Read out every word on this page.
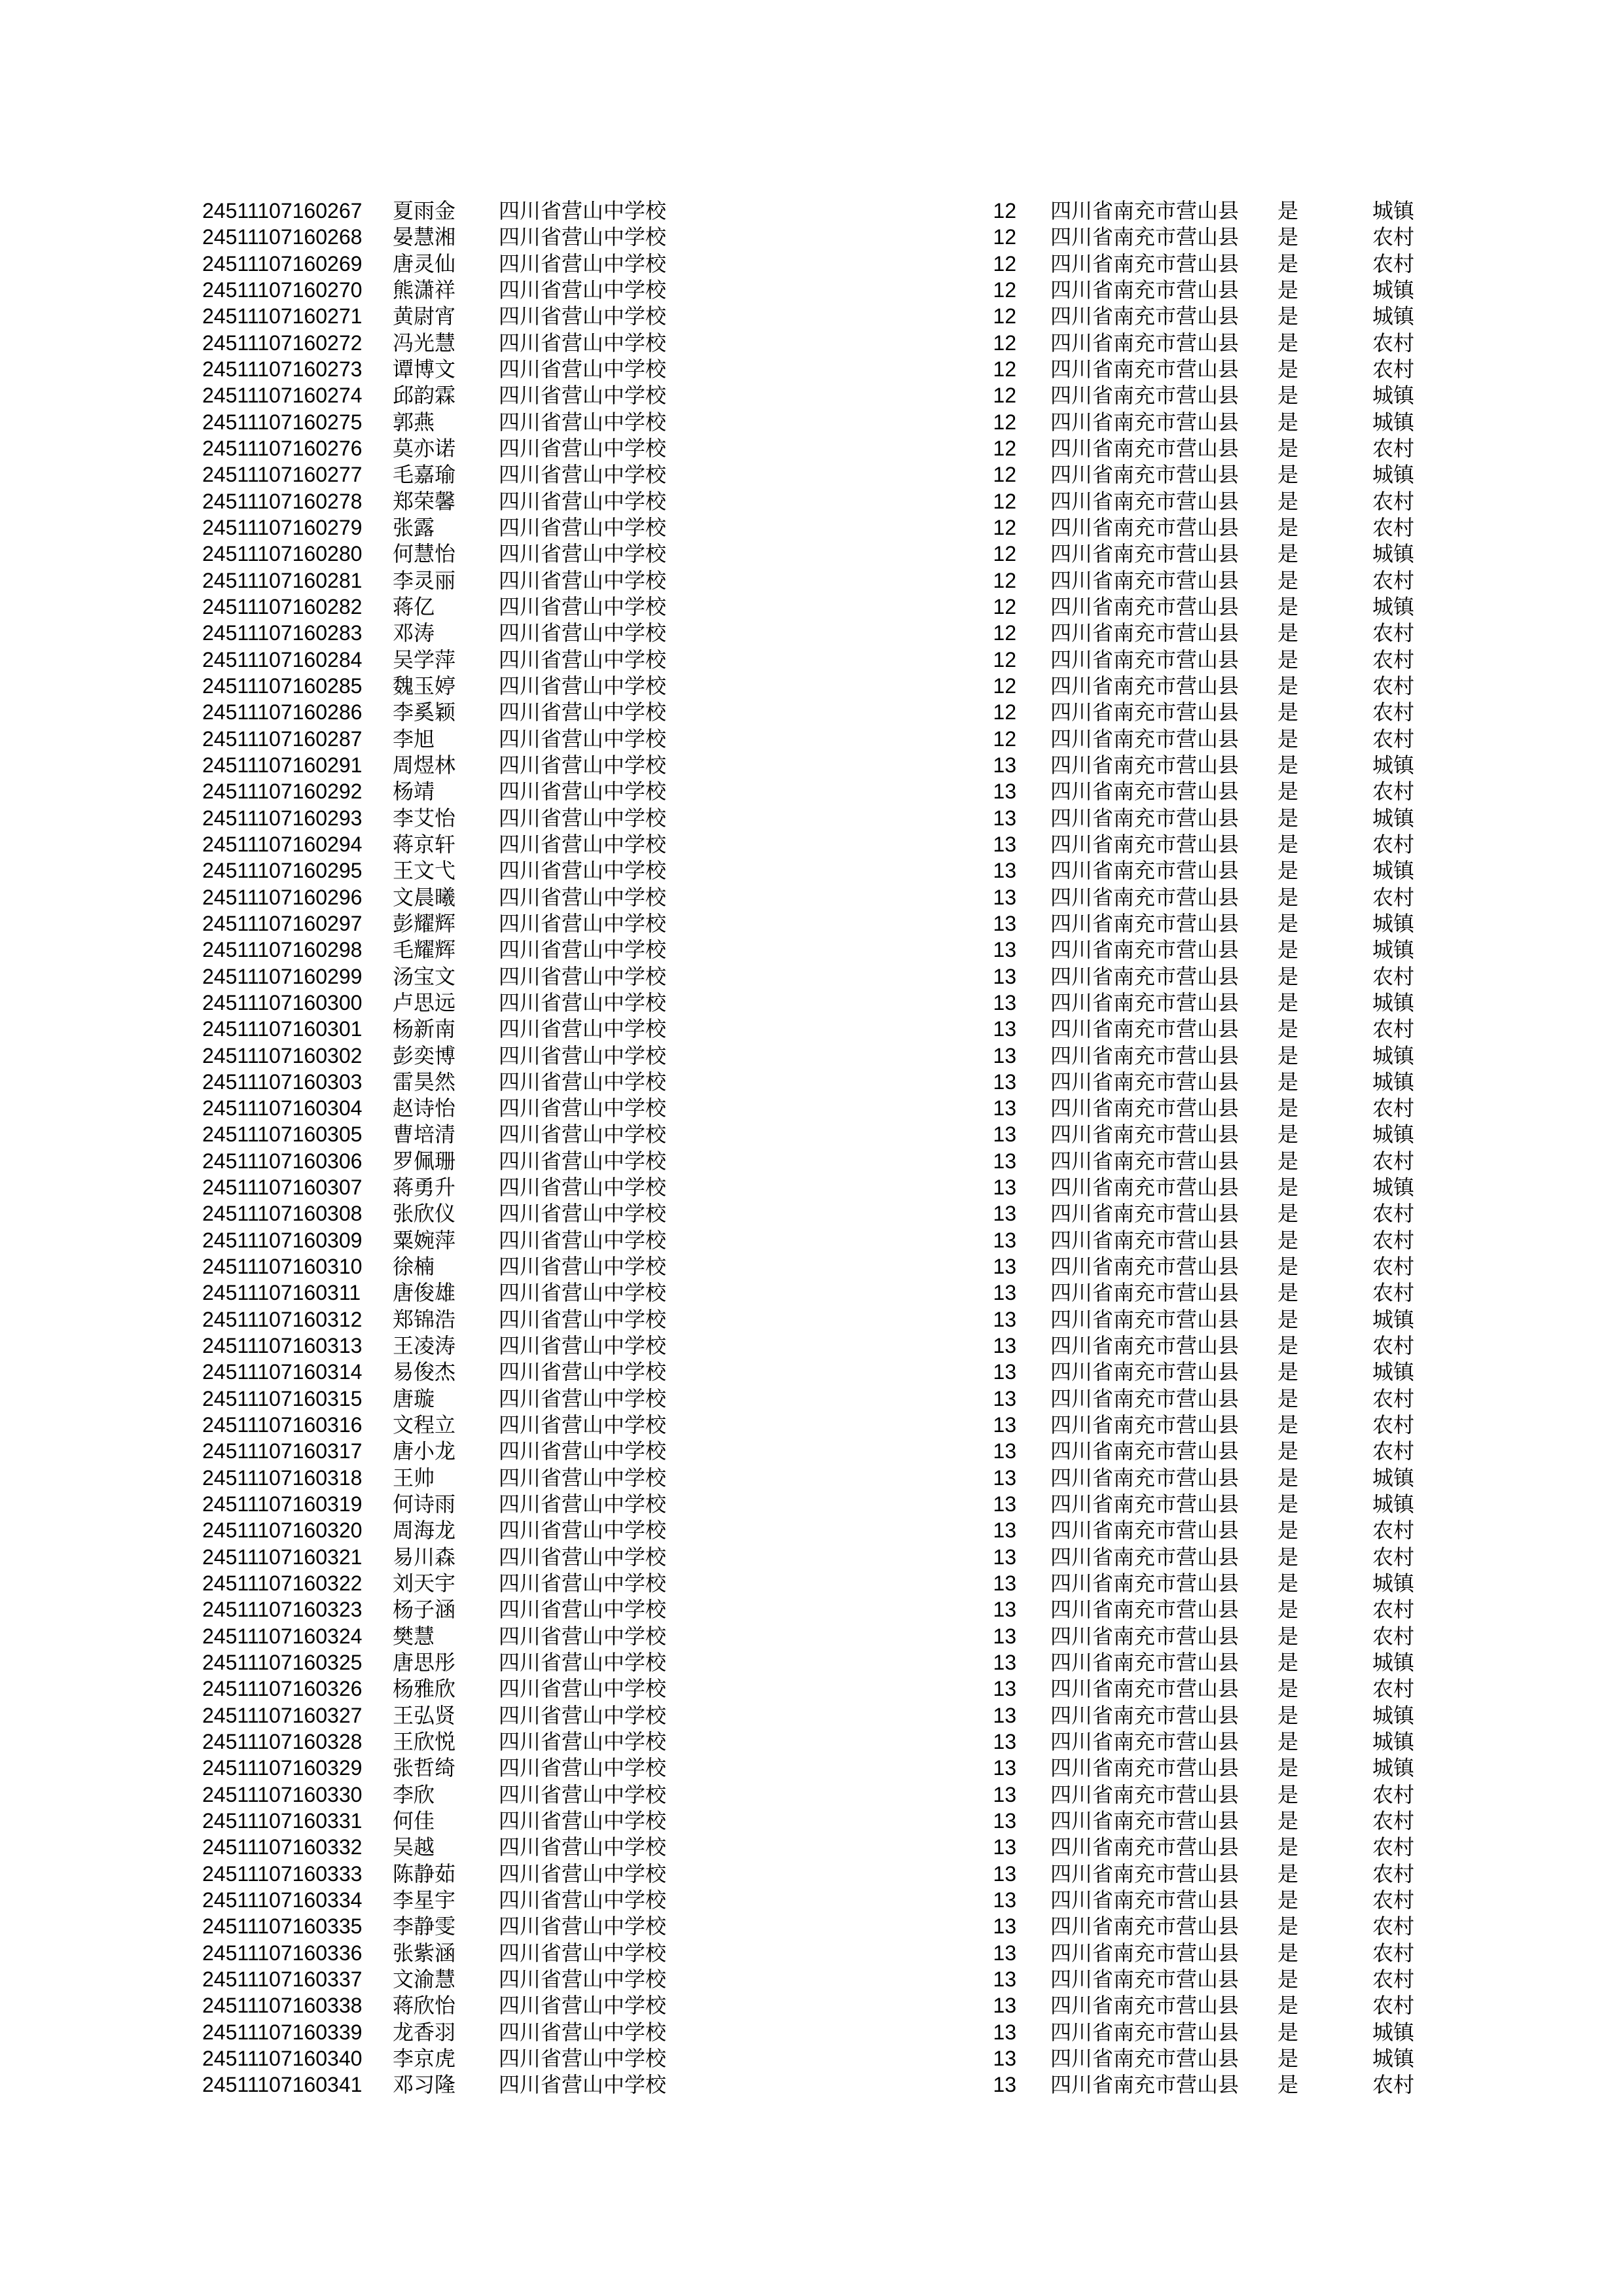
24511107160267 夏雨金 四川省营山中学校	12 四川省南充市营山县 是	城镇
24511107160268 晏慧湘 四川省营山中学校	12 四川省南充市营山县 是	农村
24511107160269 唐灵仙 四川省营山中学校	12 四川省南充市营山县 是	农村
24511107160270 熊潇祥 四川省营山中学校	12 四川省南充市营山县 是	城镇
24511107160271 黄尉宵 四川省营山中学校	12 四川省南充市营山县 是	城镇
24511107160272 冯光慧 四川省营山中学校	12 四川省南充市营山县 是	农村
24511107160273 谭博文 四川省营山中学校	12 四川省南充市营山县 是	农村
24511107160274 邱韵霖 四川省营山中学校	12 四川省南充市营山县 是	城镇
24511107160275 郭燕	四川省营山中学校	12 四川省南充市营山县 是	城镇
24511107160276 莫亦诺 四川省营山中学校	12 四川省南充市营山县 是	农村
24511107160277 毛嘉瑜 四川省营山中学校	12 四川省南充市营山县 是	城镇
24511107160278 郑荣馨 四川省营山中学校	12 四川省南充市营山县 是	农村
24511107160279 张露	四川省营山中学校	12 四川省南充市营山县 是	农村
24511107160280 何慧怡 四川省营山中学校	12 四川省南充市营山县 是	城镇
24511107160281 李灵丽 四川省营山中学校	12 四川省南充市营山县 是	农村
24511107160282 蒋亿	四川省营山中学校	12 四川省南充市营山县 是	城镇
24511107160283 邓涛	四川省营山中学校	12 四川省南充市营山县 是	农村
24511107160284 吴学萍 四川省营山中学校	12 四川省南充市营山县 是	农村
24511107160285 魏玉婷 四川省营山中学校	12 四川省南充市营山县 是	农村
24511107160286 李奚颖 四川省营山中学校	12 四川省南充市营山县 是	农村
24511107160287 李旭	四川省营山中学校	12 四川省南充市营山县 是	农村
24511107160291 周煜林 四川省营山中学校	13 四川省南充市营山县 是	城镇
24511107160292 杨靖	四川省营山中学校	13 四川省南充市营山县 是	农村
24511107160293 李艾怡 四川省营山中学校	13 四川省南充市营山县 是	城镇
24511107160294 蒋京轩 四川省营山中学校	13 四川省南充市营山县 是	农村
24511107160295 王文弋 四川省营山中学校	13 四川省南充市营山县 是	城镇
24511107160296 文晨曦 四川省营山中学校	13 四川省南充市营山县 是	农村
24511107160297 彭耀辉 四川省营山中学校	13 四川省南充市营山县 是	城镇
24511107160298 毛耀辉 四川省营山中学校	13 四川省南充市营山县 是	城镇
24511107160299 汤宝文 四川省营山中学校	13 四川省南充市营山县 是	农村
24511107160300 卢思远 四川省营山中学校	13 四川省南充市营山县 是	城镇
24511107160301 杨新南 四川省营山中学校	13 四川省南充市营山县 是	农村
24511107160302 彭奕博 四川省营山中学校	13 四川省南充市营山县 是	城镇
24511107160303 雷昊然 四川省营山中学校	13 四川省南充市营山县 是	城镇
24511107160304 赵诗怡 四川省营山中学校	13 四川省南充市营山县 是	农村
24511107160305 曹培清 四川省营山中学校	13 四川省南充市营山县 是	城镇
24511107160306 罗佩珊 四川省营山中学校	13 四川省南充市营山县 是	农村
24511107160307 蒋勇升 四川省营山中学校	13 四川省南充市营山县 是	城镇
24511107160308 张欣仪 四川省营山中学校	13 四川省南充市营山县 是	农村
24511107160309 粟婉萍 四川省营山中学校	13 四川省南充市营山县 是	农村
24511107160310 徐楠	四川省营山中学校	13 四川省南充市营山县 是	农村
24511107160311 唐俊雄 四川省营山中学校	13 四川省南充市营山县 是	农村
24511107160312 郑锦浩 四川省营山中学校	13 四川省南充市营山县 是	城镇
24511107160313 王凌涛 四川省营山中学校	13 四川省南充市营山县 是	农村
24511107160314 易俊杰 四川省营山中学校	13 四川省南充市营山县 是	城镇
24511107160315 唐璇	四川省营山中学校	13 四川省南充市营山县 是	农村
24511107160316 文程立 四川省营山中学校	13 四川省南充市营山县 是	农村
24511107160317 唐小龙 四川省营山中学校	13 四川省南充市营山县 是	农村
24511107160318 王帅	四川省营山中学校	13 四川省南充市营山县 是	城镇
24511107160319 何诗雨 四川省营山中学校	13 四川省南充市营山县 是	城镇
24511107160320 周海龙 四川省营山中学校	13 四川省南充市营山县 是	农村
24511107160321 易川森 四川省营山中学校	13 四川省南充市营山县 是	农村
24511107160322 刘天宇 四川省营山中学校	13 四川省南充市营山县 是	城镇
24511107160323 杨子涵 四川省营山中学校	13 四川省南充市营山县 是	农村
24511107160324 樊慧	四川省营山中学校	13 四川省南充市营山县 是	农村
24511107160325 唐思彤 四川省营山中学校	13 四川省南充市营山县 是	城镇
24511107160326 杨雅欣 四川省营山中学校	13 四川省南充市营山县 是	农村
24511107160327 王弘贤 四川省营山中学校	13 四川省南充市营山县 是	城镇
24511107160328 王欣悦 四川省营山中学校	13 四川省南充市营山县 是	城镇
24511107160329 张哲绮 四川省营山中学校	13 四川省南充市营山县 是	城镇
24511107160330 李欣	四川省营山中学校	13 四川省南充市营山县 是	农村
24511107160331 何佳	四川省营山中学校	13 四川省南充市营山县 是	农村
24511107160332 吴越	四川省营山中学校	13 四川省南充市营山县 是	农村
24511107160333 陈静茹 四川省营山中学校	13 四川省南充市营山县 是	农村
24511107160334 李星宇 四川省营山中学校	13 四川省南充市营山县 是	农村
24511107160335 李静雯 四川省营山中学校	13 四川省南充市营山县 是	农村
24511107160336 张紫涵 四川省营山中学校	13 四川省南充市营山县 是	农村
24511107160337 文渝慧 四川省营山中学校	13 四川省南充市营山县 是	农村
24511107160338 蒋欣怡 四川省营山中学校	13 四川省南充市营山县 是	农村
24511107160339 龙香羽 四川省营山中学校	13 四川省南充市营山县 是	城镇
24511107160340 李京虎 四川省营山中学校	13 四川省南充市营山县 是	城镇
24511107160341 邓习隆 四川省营山中学校	13 四川省南充市营山县 是	农村
